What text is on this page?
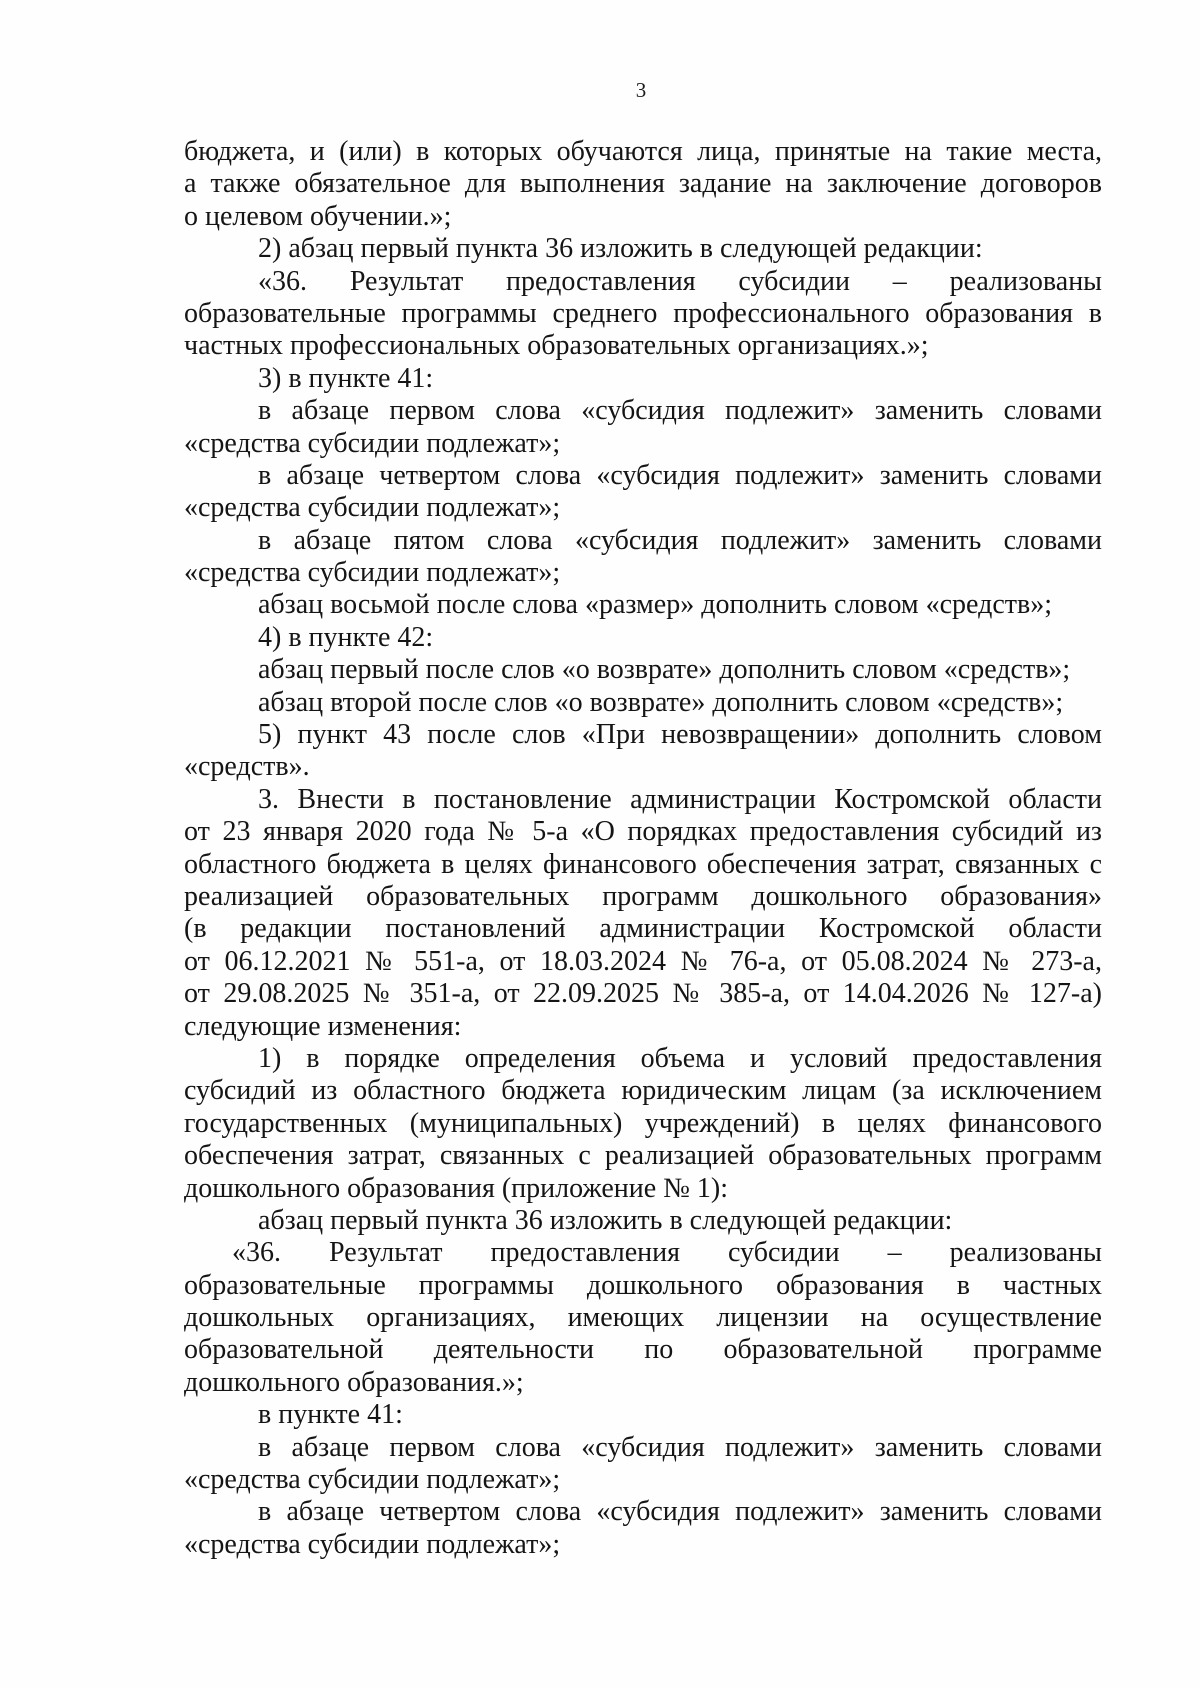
3
бюджета, и (или) в которых обучаются лица, принятые на такие места,
а также обязательное для выполнения задание на заключение договоров
о целевом обучении.»;
2) абзац первый пункта 36 изложить в следующей редакции:
«36. Результат предоставления субсидии – реализованы
образовательные программы среднего профессионального образования в
частных профессиональных образовательных организациях.»;
3) в пункте 41:
в абзаце первом слова «субсидия подлежит» заменить словами
«средства субсидии подлежат»;
в абзаце четвертом слова «субсидия подлежит» заменить словами
«средства субсидии подлежат»;
в абзаце пятом слова «субсидия подлежит» заменить словами
«средства субсидии подлежат»;
абзац восьмой после слова «размер» дополнить словом «средств»;
4) в пункте 42:
абзац первый после слов «о возврате» дополнить словом «средств»;
абзац второй после слов «о возврате» дополнить словом «средств»;
5) пункт 43 после слов «При невозвращении» дополнить словом
«средств».
3. Внести в постановление администрации Костромской области
от 23 января 2020 года № 5-а «О порядках предоставления субсидий из
областного бюджета в целях финансового обеспечения затрат, связанных с
реализацией образовательных программ дошкольного образования»
(в редакции постановлений администрации Костромской области
от 06.12.2021 № 551-а, от 18.03.2024 № 76-а, от 05.08.2024 № 273-а,
от 29.08.2025 № 351-а, от 22.09.2025 № 385-а, от 14.04.2026 № 127-а)
следующие изменения:
1) в порядке определения объема и условий предоставления
субсидий из областного бюджета юридическим лицам (за исключением
государственных (муниципальных) учреждений) в целях финансового
обеспечения затрат, связанных с реализацией образовательных программ
дошкольного образования (приложение № 1):
абзац первый пункта 36 изложить в следующей редакции:
«36. Результат предоставления субсидии – реализованы
образовательные программы дошкольного образования в частных
дошкольных организациях, имеющих лицензии на осуществление
образовательной деятельности по образовательной программе
дошкольного образования.»;
в пункте 41:
в абзаце первом слова «субсидия подлежит» заменить словами
«средства субсидии подлежат»;
в абзаце четвертом слова «субсидия подлежит» заменить словами
«средства субсидии подлежат»;
